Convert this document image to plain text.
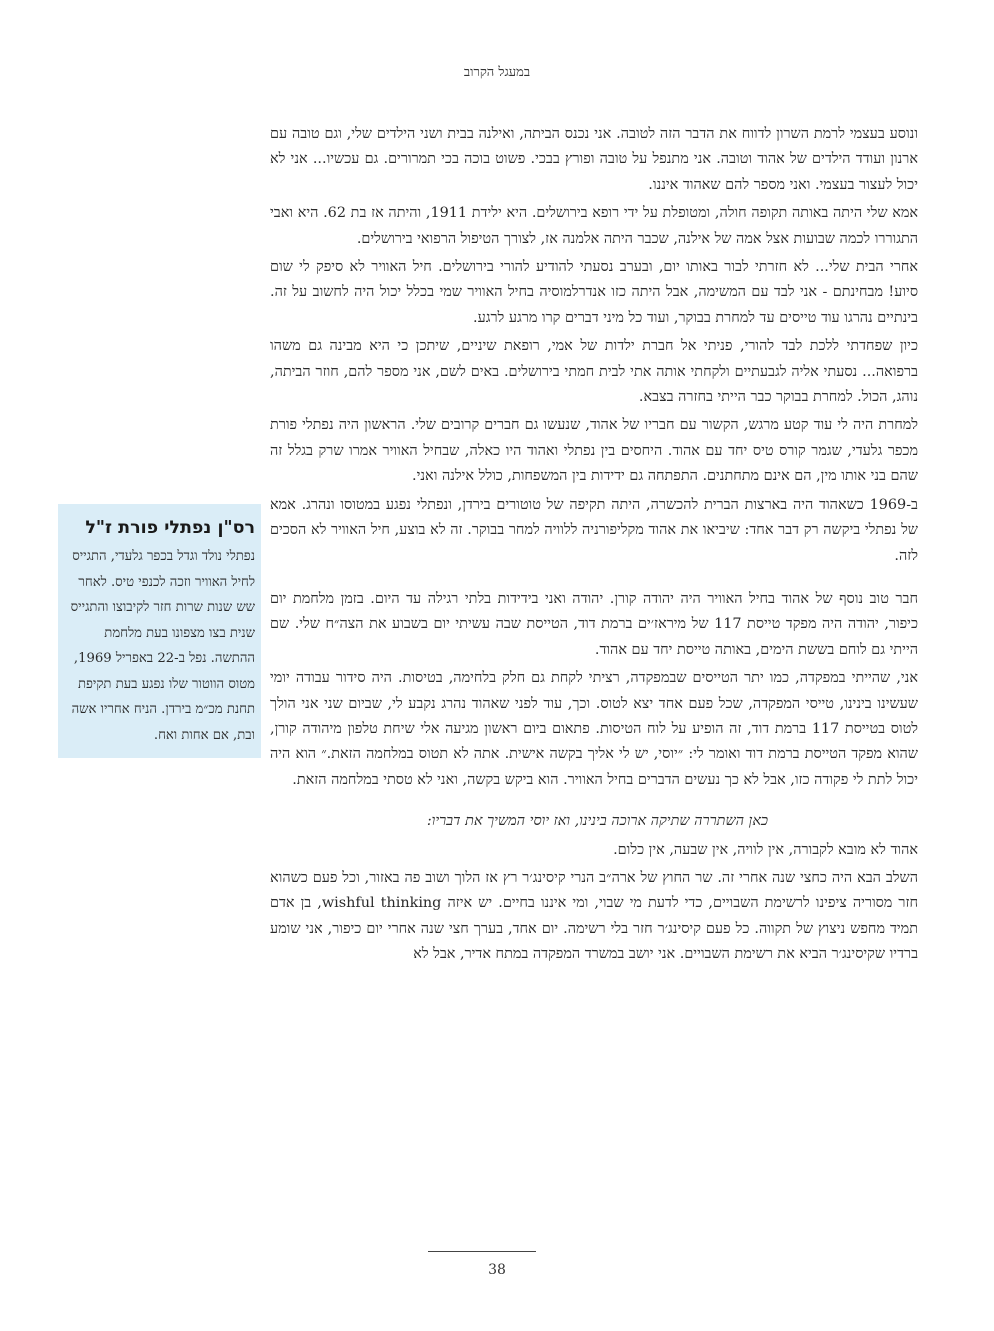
במעגל הקרוב

ונוסע בעצמי לרמת השרון לדווח את הדבר הזה לטובה. אני נכנס הביתה, ואילנה בבית ושני הילדים שלי, וגם טובה עם ארנון ועודד הילדים של אהוד וטובה. אני מתנפל על טובה ופורץ בבכי. פשוט בוכה בכי תמרורים. גם עכשיו... אני לא יכול לעצור בעצמי. ואני מספר להם שאהוד איננו.

אמא שלי היתה באותה תקופה חולה, ומטופלת על ידי רופא בירושלים. היא ילידת 1911, והיתה אז בת 62. היא ואבי התגוררו לכמה שבועות אצל אמה של אילנה, שכבר היתה אלמנה אז, לצורך הטיפול הרפואי בירושלים.

אחרי הבית שלי... לא חזרתי לבור באותו יום, ובערב נסעתי להודיע להורי בירושלים. חיל האוויר לא סיפק לי שום סיוע! מבחינתם - אני לבד עם המשימה, אבל היתה כזו אנדרלמוסיה בחיל האוויר שמי בכלל יכול היה לחשוב על זה. בינתיים נהרגו עוד טייסים עד למחרת בבוקר, ועוד כל מיני דברים קרו מרגע לרגע.

כיון שפחדתי ללכת לבד להורי, פניתי אל חברת ילדות של אמי, רופאת שיניים, שיתכן כי היא מבינה גם משהו ברפואה... נסעתי אליה לגבעתיים ולקחתי אותה אתי לבית חמתי בירושלים. באים לשם, אני מספר להם, חוזר הביתה, נוהג, הכול. למחרת בבוקר כבר הייתי בחזרה בצבא.

למחרת היה לי עוד קטע מרגש, הקשור עם חבריו של אהוד, שנעשו גם חברים קרובים שלי. הראשון היה נפתלי פורת מכפר גלעדי, שגמר קורס טיס יחד עם אהוד. היחסים בין נפתלי ואהוד היו כאלה, שבחיל האוויר אמרו שרק בגלל זה שהם בני אותו מין, הם אינם מתחתנים. התפתחה גם ידידות בין המשפחות, כולל אילנה ואני.

ב-1969 כשאהוד היה בארצות הברית להכשרה, היתה תקיפה של טוטורים בירדן, ונפתלי נפגע במטוסו ונהרג. אמא של נפתלי ביקשה רק דבר אחד: שיביאו את אהוד מקליפורניה ללוויה למחר בבוקר. זה לא בוצע, חיל האוויר לא הסכים לזה.

חבר טוב נוסף של אהוד בחיל האוויר היה יהודה קורן. יהודה ואני בידידות בלתי רגילה עד היום. בזמן מלחמת יום כיפור, יהודה היה מפקד טייסת 117 של מיראז׳ים ברמת דוד, הטייסת שבה עשיתי יום בשבוע את הצה״ח שלי. שם הייתי גם לוחם בששת הימים, באותה טייסת יחד עם אהוד.

אני, שהייתי במפקדה, כמו יתר הטייסים שבמפקדה, רציתי לקחת גם חלק בלחימה, בטיסות. היה סידור עבודה יומי שעשינו בינינו, טייסי המפקדה, שכל פעם אחד יצא לטוס. וכך, עוד לפני שאהוד נהרג נקבע לי, שביום שני אני הולך לטוס בטייסת 117 ברמת דוד, זה הופיע על לוח הטיסות. פתאום ביום ראשון מגיעה אלי שיחת טלפון מיהודה קורן, שהוא מפקד הטייסת ברמת דוד ואומר לי: ״יוסי, יש לי אליך בקשה אישית. אתה לא תטוס במלחמה הזאת.״ הוא היה יכול לתת לי פקודה כזו, אבל לא כך נעשים הדברים בחיל האוויר. הוא ביקש בקשה, ואני לא טסתי במלחמה הזאת.

כאן השתררה שתיקה ארוכה בינינו, ואז יוסי המשיך את דבריו:

אהוד לא מובא לקבורה, אין לוויה, אין שבעה, אין כלום.

השלב הבא היה כחצי שנה אחרי זה. שר החוץ של ארה״ב הנרי קיסינג׳ר רץ אז הלוך ושוב פה באזור, וכל פעם כשהוא חזר מסוריה ציפינו לרשימת השבויים, כדי לדעת מי שבוי, ומי איננו בחיים. יש איזה wishful thinking, בן אדם תמיד מחפש ניצוץ של תקווה. כל פעם קיסינג׳ר חזר בלי רשימה. יום אחד, בערך חצי שנה אחרי יום כיפור, אני שומע ברדיו שקיסינג׳ר הביא את רשימת השבויים. אני יושב במשרד המפקדה במתח אדיר, אבל לא

רס"ן נפתלי פורת ז"ל

נפתלי נולד וגדל בכפר גלעדי, התגייס לחיל האוויר וזכה לכנפי טיס. לאחר שש שנות שרות חזר לקיבוצו והתגייס שנית בצו מצפונו בעת מלחמת ההתשה. נפל ב-22 באפריל 1969, מטוס הווטור שלו נפגע בעת תקיפת תחנת מכ״מ בירדן. הניח אחריו אשה ובת, אם אחות ואח.

38
